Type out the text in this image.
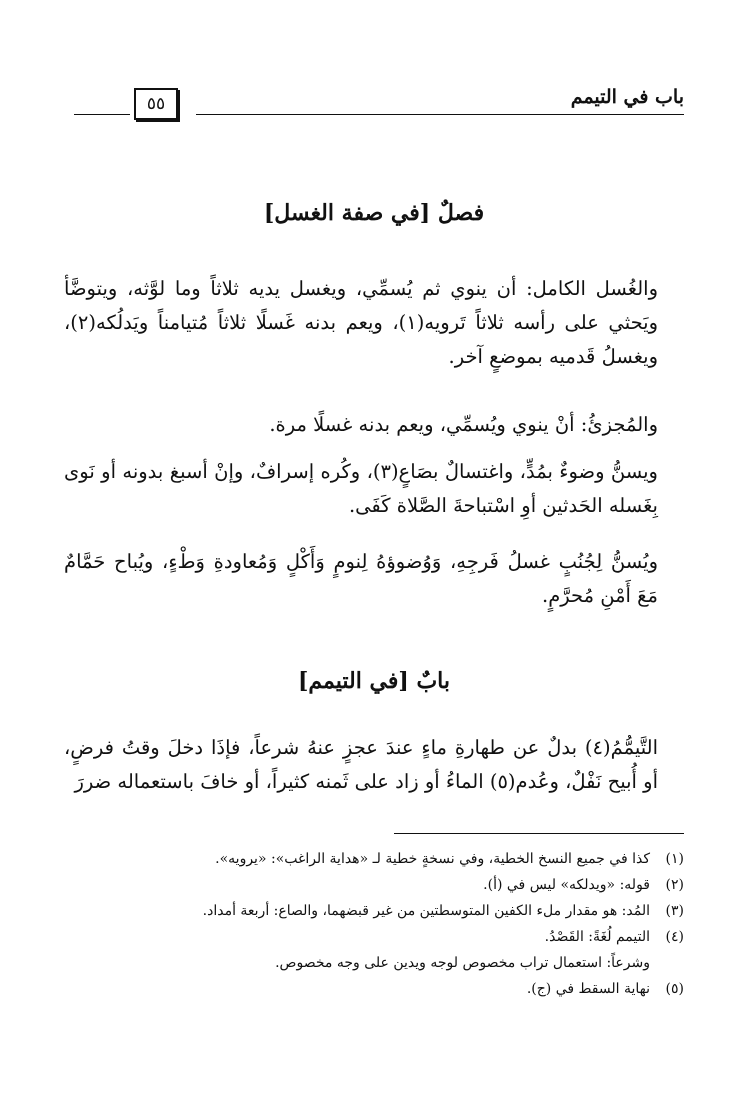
باب في التيمم
٥٥
فصلٌ [في صفة الغسل]

والغُسل الكامل: أن ينوي ثم يُسمِّي، ويغسل يديه ثلاثاً وما لوَّثه، ويتوضَّأ ويَحثي على رأسه ثلاثاً تَرويه(١)، ويعم بدنه غَسلًا ثلاثاً مُتيامناً ويَدلُكه(٢)، ويغسلُ قَدميه بموضعٍ آخر.

والمُجزئُ: أنْ ينوي ويُسمِّي، ويعم بدنه غسلًا مرة.

ويسنُّ وضوءٌ بمُدٍّ، واغتسالٌ بصَاعٍ(٣)، وكُره إسرافٌ، وإنْ أسبغ بدونه أو نَوى بِغَسله الحَدثين أوِ اسْتباحةَ الصَّلاة كَفَى.

ويُسنُّ لِجُنُبٍ غسلُ فَرجِهِ، وَوُضوؤهُ لِنومٍ وَأَكْلٍ وَمُعاودةِ وَطْءٍ، ويُباح حَمَّامٌ مَعَ أَمْنِ مُحرَّمٍ.

بابٌ [في التيمم]

التَّيمُّمُ(٤) بدلٌ عن طهارةِ ماءٍ عندَ عجزٍ عنهُ شرعاً، فإذَا دخلَ وقتُ فرضٍ، أو أُبيح نَفْلٌ، وعُدم(٥) الماءُ أو زاد على ثَمنه كثيراً، أو خافَ باستعماله ضررَ

(١)
كذا في جميع النسخ الخطية، وفي نسخةٍ خطية لـ «هداية الراغب»: «يرويه».
(٢)
قوله: «ويدلكه» ليس في (أ).
(٣)
المُد: هو مقدار ملء الكفين المتوسطتين من غير قبضهما، والصاع: أربعة أمداد.
(٤)
التيمم لُغَةً: القَصْدُ.
وشرعاً: استعمال تراب مخصوص لوجه ويدين على وجه مخصوص.
(٥)
نهاية السقط في (ج).
